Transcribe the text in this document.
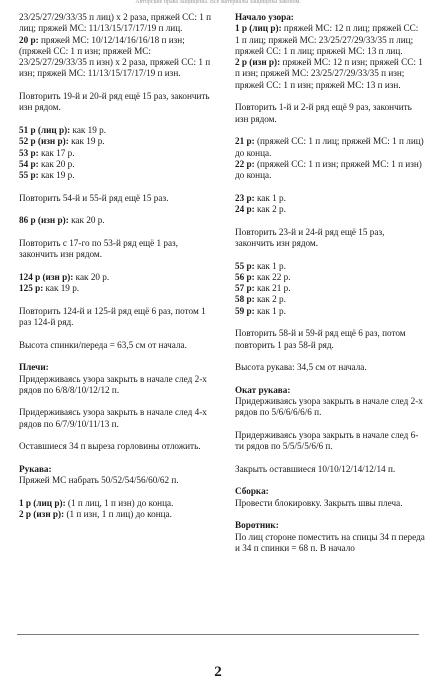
Авторские права защищены. Все материалы защищены законом.

23/25/27/29/33/35 п лиц) х 2 раза, пряжей СС: 1 п лиц; пряжей МС: 11/13/15/17/17/19 п лиц.

20 р: пряжей МС: 10/12/14/16/16/18 п изн; (пряжей СС: 1 п изн; пряжей МС: 23/25/27/29/33/35 п изн) х 2 раза, пряжей СС: 1 п изн; пряжей МС: 11/13/15/17/17/19 п изн.

Повторить 19-й и 20-й ряд ещё 15 раз, закончить изн рядом.

51 р (лиц р): как 19 р.

52 р (изн р): как 19 р.

53 р: как 17 р.

54 р: как 20 р.

55 р: как 19 р.

Повторить 54-й и 55-й ряд ещё 15 раз.

86 р (изн р): как 20 р.

Повторить с 17-го по 53-й ряд ещё 1 раз, закончить изн рядом.

124 р (изн р): как 20 р.

125 р: как 19 р.

Повторить 124-й и 125-й ряд ещё 6 раз, потом 1 раз 124-й ряд.

Высота спинки/переда = 63,5 см от начала.

Плечи:

Придерживаясь узора закрыть в начале след 2-х рядов по 6/8/8/10/12/12 п.

Придерживаясь узора закрыть в начале след 4-х рядов по 6/7/9/10/11/13 п.

Оставшиеся 34 п выреза горловины отложить.

Рукава:

Пряжей МС набрать 50/52/54/56/60/62 п.

1 р (лиц р): (1 п лиц, 1 п изн) до конца.

2 р (изн р): (1 п изн, 1 п лиц) до конца.

Начало узора:

1 р (лиц р): пряжей МС: 12 п лиц; пряжей СС: 1 п лиц; пряжей МС: 23/25/27/29/33/35 п лиц; пряжей СС: 1 п лиц; пряжей МС: 13 п лиц.

2 р (изн р): пряжей МС: 12 п изн; пряжей СС: 1 п изн; пряжей МС: 23/25/27/29/33/35 п изн; пряжей СС: 1 п изн; пряжей МС: 13 п изн.

Повторить 1-й и 2-й ряд ещё 9 раз, закончить изн рядом.

21 р: (пряжей СС: 1 п лиц; пряжей МС: 1 п лиц) до конца.

22 р: (пряжей СС: 1 п изн; пряжей МС: 1 п изн) до конца.

23 р: как 1 р.

24 р: как 2 р.

Повторить 23-й и 24-й ряд ещё 15 раз, закончить изн рядом.

55 р: как 1 р.

56 р: как 22 р.

57 р: как 21 р.

58 р: как 2 р.

59 р: как 1 р.

Повторить 58-й и 59-й ряд ещё 6 раз, потом повторить 1 раз 58-й ряд.

Высота рукава: 34,5 см от начала.

Окат рукава:

Придерживаясь узора закрыть в начале след 2-х рядов по 5/6/6/6/6/6 п.

Придерживаясь узора закрыть в начале след 6-ти рядов по 5/5/5/5/6/6 п.

Закрыть оставшиеся 10/10/12/14/12/14 п.

Сборка:

Провести блокировку. Закрыть швы плеча.

Воротник:

По лиц стороне поместить на спицы 34 п переда и 34 п спинки = 68 п. В начало

2
